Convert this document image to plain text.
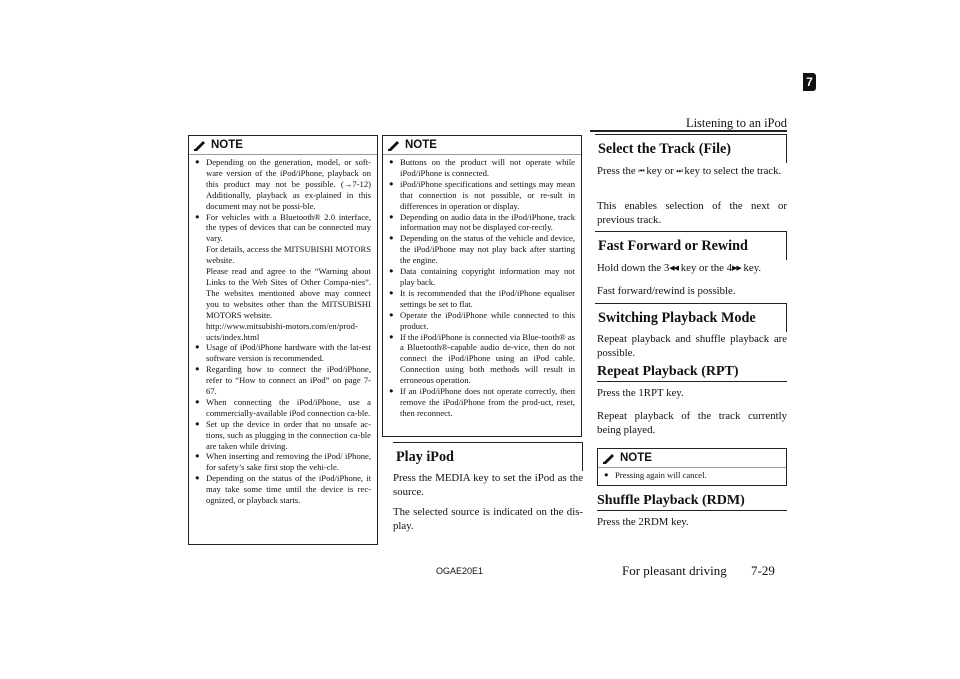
Listening to an iPod
7
OGAE20E1	For pleasant driving 7-29
NOTE
● Depending on the generation, model, or soft-ware version of the iPod/iPhone, playback on this product may not be possible. (→7-12) Additionally, playback as ex-plained in this document may not be possi-ble.
● For vehicles with a Bluetooth® 2.0 interface, the types of devices that can be connected may vary.
For details, access the MITSUBISHI MOTORS website.
Please read and agree to the “Warning about Links to the Web Sites of Other Compa-nies”. The websites mentioned above may connect you to websites other than the MITSUBISHI MOTORS website.
http://www.mitsubishi-motors.com/en/prod-ucts/index.html
● Usage of iPod/iPhone hardware with the lat-est software version is recommended.
● Regarding how to connect the iPod/iPhone, refer to “How to connect an iPod” on page 7-67.
● When connecting the iPod/iPhone, use a commercially-available iPod connection ca-ble.
● Set up the device in order that no unsafe ac-tions, such as plugging in the connection ca-ble are taken while driving.
● When inserting and removing the iPod/ iPhone, for safety’s sake first stop the vehi-cle.
● Depending on the status of the iPod/iPhone, it may take some time until the device is rec-ognized, or playback starts.
NOTE
● Buttons on the product will not operate while iPod/iPhone is connected.
● iPod/iPhone specifications and settings may mean that connection is not possible, or re-sult in differences in operation or display.
● Depending on audio data in the iPod/iPhone, track information may not be displayed cor-rectly.
● Depending on the status of the vehicle and device, the iPod/iPhone may not play back after starting the engine.
● Data containing copyright information may not play back.
● It is recommended that the iPod/iPhone equaliser settings be set to flat.
● Operate the iPod/iPhone while connected to this product.
● If the iPod/iPhone is connected via Blue-tooth® as a Bluetooth®-capable audio de-vice, then do not connect the iPod/iPhone using an iPod cable. Connection using both methods will result in erroneous operation.
● If an iPod/iPhone does not operate correctly, then remove the iPod/iPhone from the prod-uct, reset, then reconnect.
Play iPod
Press the MEDIA key to set the iPod as the source.
The selected source is indicated on the dis-play.
Select the Track (File)
Press the ⏮ key or ⏭ key to select the track.
This enables selection of the next or previous track.
Fast Forward or Rewind
Hold down the 3◀◀ key or the 4▶▶ key.
Fast forward/rewind is possible.
Switching Playback Mode
Repeat playback and shuffle playback are possible.
Repeat Playback (RPT)
Press the 1RPT key.
Repeat playback of the track currently being played.
NOTE
● Pressing again will cancel.
Shuffle Playback (RDM)
Press the 2RDM key.
